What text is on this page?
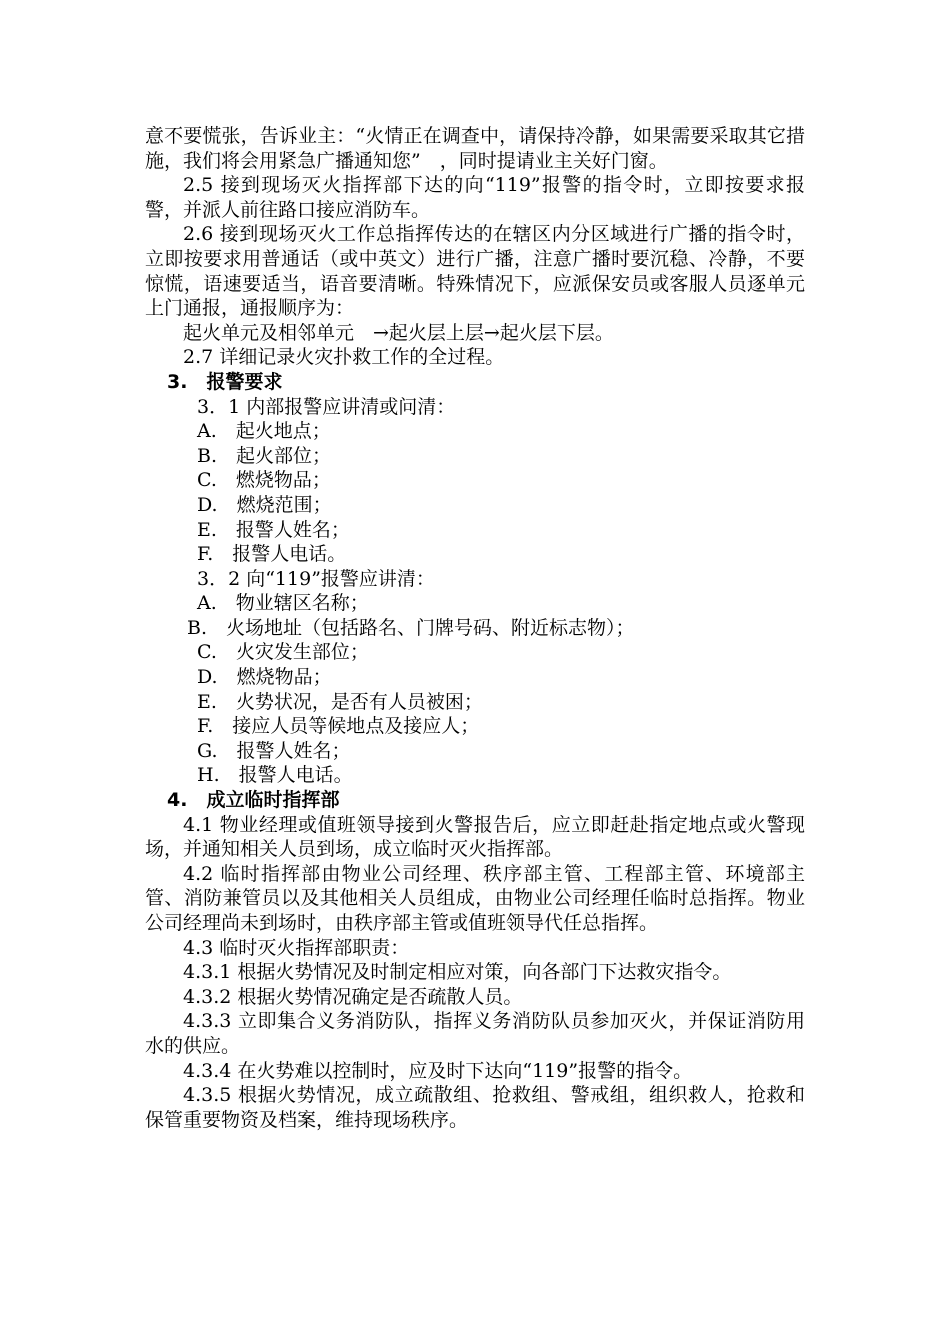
意不要慌张，告诉业主：“火情正在调查中，请保持冷静，如果需要采取其它措施，我们将会用紧急广播通知您”　，同时提请业主关好门窗。

2.5 接到现场灭火指挥部下达的向“119”报警的指令时，立即按要求报警，并派人前往路口接应消防车。

2.6 接到现场灭火工作总指挥传达的在辖区内分区域进行广播的指令时，立即按要求用普通话（或中英文）进行广播，注意广播时要沉稳、冷静，不要惊慌，语速要适当，语音要清晰。特殊情况下，应派保安员或客服人员逐单元上门通报，通报顺序为：

起火单元及相邻单元　→起火层上层→起火层下层。

2.7 详细记录火灾扑救工作的全过程。

3.　报警要求

3．1 内部报警应讲清或问清：

A.　起火地点；

B.　起火部位；

C.　燃烧物品；

D.　燃烧范围；

E.　报警人姓名；

F.　报警人电话。

3．2 向“119”报警应讲清：

A.　物业辖区名称；

B.　火场地址（包括路名、门牌号码、附近标志物）；

C.　火灾发生部位；

D.　燃烧物品；

E.　火势状况，是否有人员被困；

F.　接应人员等候地点及接应人；

G.　报警人姓名；

H.　报警人电话。

4.　成立临时指挥部

4.1 物业经理或值班领导接到火警报告后，应立即赶赴指定地点或火警现场，并通知相关人员到场，成立临时灭火指挥部。

4.2 临时指挥部由物业公司经理、秩序部主管、工程部主管、环境部主管、消防兼管员以及其他相关人员组成，由物业公司经理任临时总指挥。物业公司经理尚未到场时，由秩序部主管或值班领导代任总指挥。

4.3 临时灭火指挥部职责：

4.3.1 根据火势情况及时制定相应对策，向各部门下达救灾指令。

4.3.2 根据火势情况确定是否疏散人员。

4.3.3 立即集合义务消防队，指挥义务消防队员参加灭火，并保证消防用水的供应。

4.3.4 在火势难以控制时，应及时下达向“119”报警的指令。

4.3.5 根据火势情况，成立疏散组、抢救组、警戒组，组织救人，抢救和保管重要物资及档案，维持现场秩序。
